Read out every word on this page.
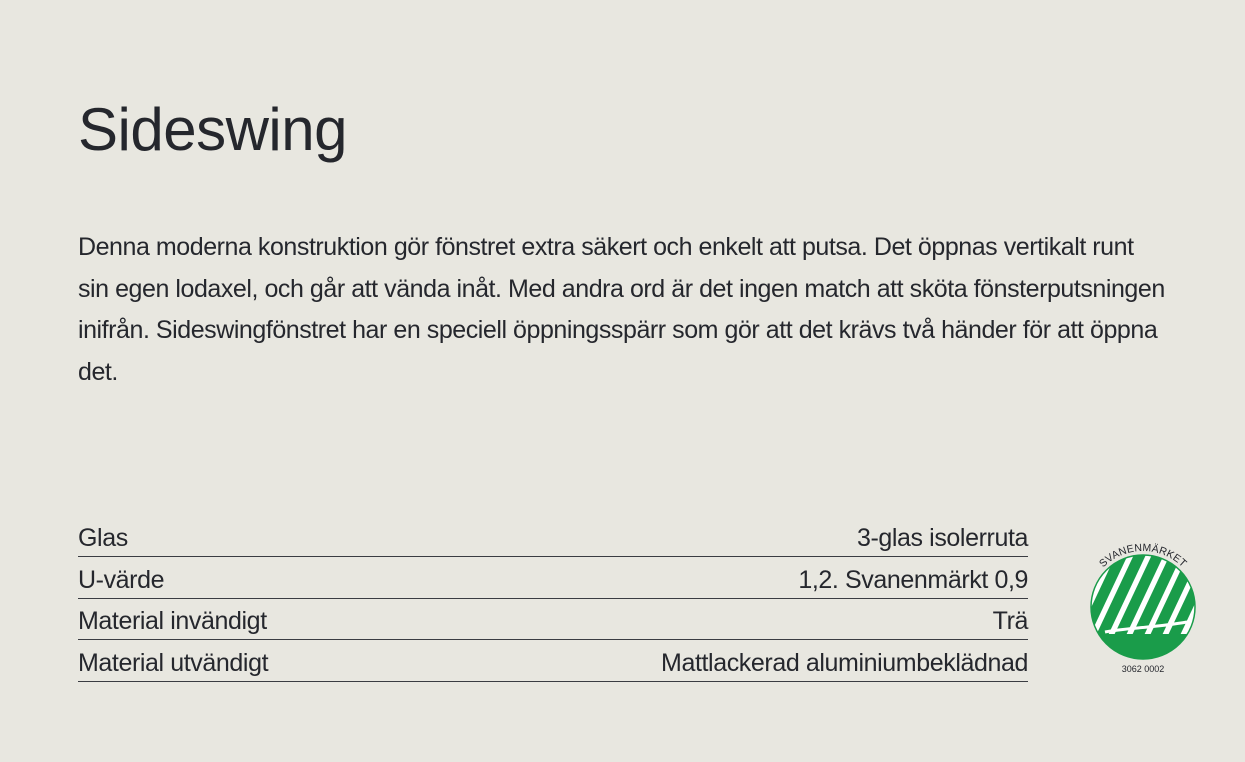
Sideswing

Denna moderna konstruktion gör fönstret extra säkert och enkelt att putsa. Det öppnas vertikalt runt sin egen lodaxel, och går att vända inåt. Med andra ord är det ingen match att sköta fönsterputsningen inifrån. Sideswingfönstret har en speciell öppningsspärr som gör att det krävs två händer för att öppna det.

Glas	3-glas isolerruta
U-värde	1,2. Svanenmärkt 0,9
Material invändigt	Trä
Material utvändigt	Mattlackerad aluminiumbeklädnad
SVANENMÄRKET
3062 0002
